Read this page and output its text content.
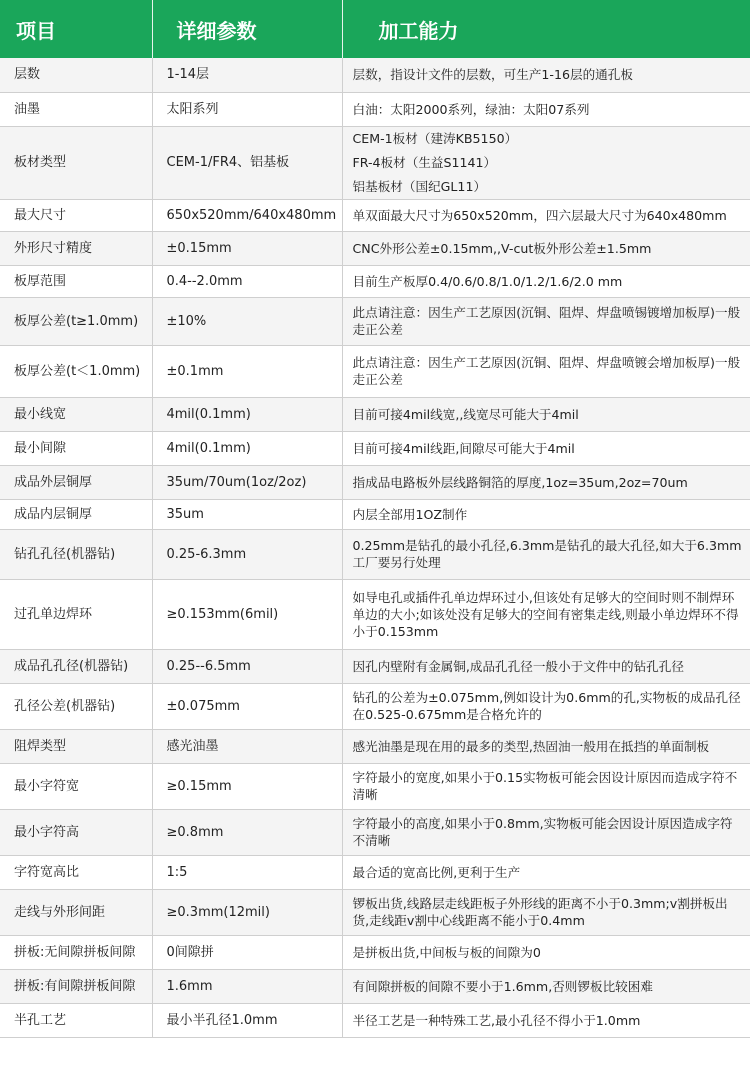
项目	详细参数	加工能力
层数	1-14层	层数，指设计文件的层数，可生产1-16层的通孔板
油墨	太阳系列	白油：太阳2000系列，绿油：太阳07系列
板材类型	CEM-1/FR4、铝基板	CEM-1板材（建涛KB5150）
FR-4板材（生益S1141）
铝基板材（国纪GL11）

最大尺寸	650x520mm/640x480mm	单双面最大尺寸为650x520mm，四六层最大尺寸为640x480mm
外形尺寸精度	±0.15mm	CNC外形公差±0.15mm,,V-cut板外形公差±1.5mm
板厚范围	0.4--2.0mm	目前生产板厚0.4/0.6/0.8/1.0/1.2/1.6/2.0 mm
板厚公差(t≥1.0mm)	±10%	此点请注意：因生产工艺原因(沉铜、阻焊、焊盘喷锡镀增加板厚)一般走正公差
板厚公差(t＜1.0mm)	±0.1mm	此点请注意：因生产工艺原因(沉铜、阻焊、焊盘喷镀会增加板厚)一般走正公差
最小线宽	4mil(0.1mm)	目前可接4mil线宽,,线宽尽可能大于4mil
最小间隙	4mil(0.1mm)	目前可接4mil线距,间隙尽可能大于4mil
成品外层铜厚	35um/70um(1oz/2oz)	指成品电路板外层线路铜箔的厚度,1oz=35um,2oz=70um
成品内层铜厚	35um	内层全部用1OZ制作
钻孔孔径(机器钻)	0.25-6.3mm	0.25mm是钻孔的最小孔径,6.3mm是钻孔的最大孔径,如大于6.3mm工厂要另行处理
过孔单边焊环	≥0.153mm(6mil)	如导电孔或插件孔单边焊环过小,但该处有足够大的空间时则不制焊环单边的大小;如该处没有足够大的空间有密集走线,则最小单边焊环不得小于0.153mm
成品孔孔径(机器钻)	0.25--6.5mm	因孔内壁附有金属铜,成品孔孔径一般小于文件中的钻孔孔径
孔径公差(机器钻)	±0.075mm	钻孔的公差为±0.075mm,例如设计为0.6mm的孔,实物板的成品孔径在0.525-0.675mm是合格允许的
阻焊类型	感光油墨	感光油墨是现在用的最多的类型,热固油一般用在抵挡的单面制板
最小字符宽	≥0.15mm	字符最小的宽度,如果小于0.15实物板可能会因设计原因而造成字符不清晰
最小字符高	≥0.8mm	字符最小的高度,如果小于0.8mm,实物板可能会因设计原因造成字符不清晰
字符宽高比	1:5	最合适的宽高比例,更利于生产
走线与外形间距	≥0.3mm(12mil)	锣板出货,线路层走线距板子外形线的距离不小于0.3mm;v割拼板出货,走线距v割中心线距离不能小于0.4mm
拼板:无间隙拼板间隙	0间隙拼	是拼板出货,中间板与板的间隙为0
拼板:有间隙拼板间隙	1.6mm	有间隙拼板的间隙不要小于1.6mm,否则锣板比较困难
半孔工艺	最小半孔径1.0mm	半径工艺是一种特殊工艺,最小孔径不得小于1.0mm
